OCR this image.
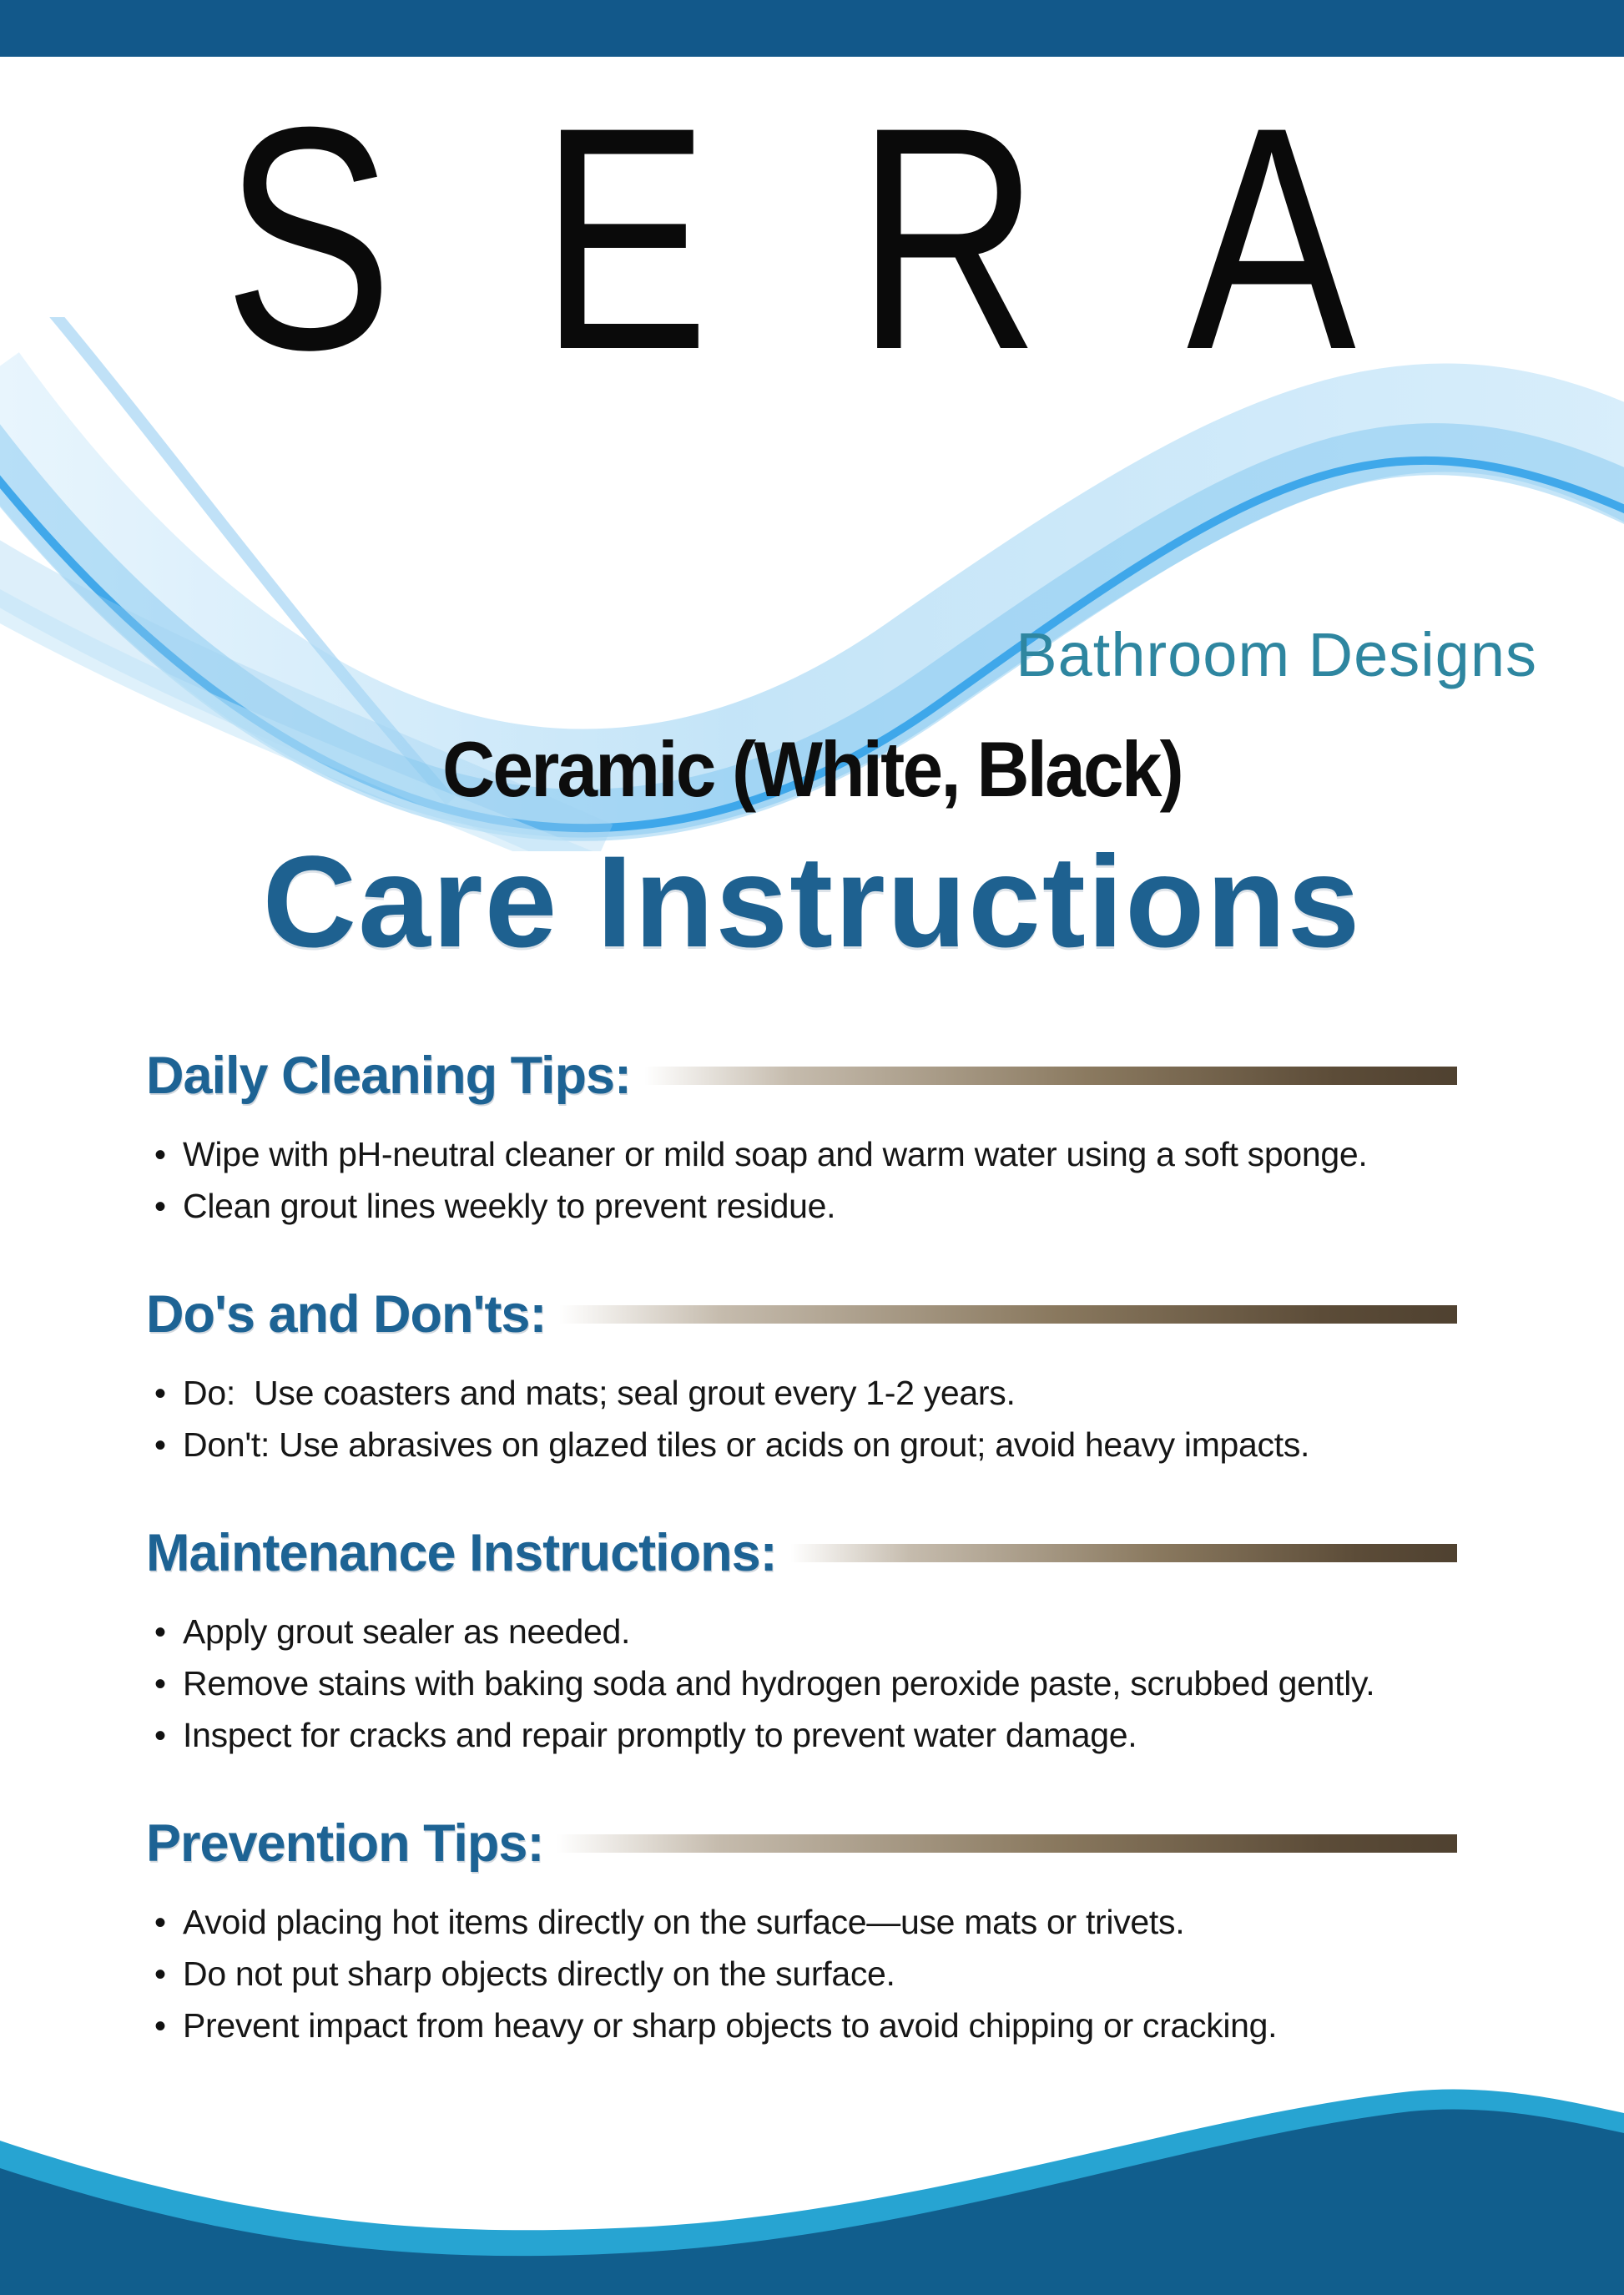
SERA
Bathroom Designs
Ceramic (White, Black)
Care Instructions
Daily Cleaning Tips:
•
Wipe with pH-neutral cleaner or mild soap and warm water using a soft sponge.
•
Clean grout lines weekly to prevent residue.
Do's and Don'ts:
•
Do:  Use coasters and mats; seal grout every 1-2 years.
•
Don't: Use abrasives on glazed tiles or acids on grout; avoid heavy impacts.
Maintenance Instructions:
•
Apply grout sealer as needed.
•
Remove stains with baking soda and hydrogen peroxide paste, scrubbed gently.
•
Inspect for cracks and repair promptly to prevent water damage.
Prevention Tips:
•
Avoid placing hot items directly on the surface—use mats or trivets.
•
Do not put sharp objects directly on the surface.
•
Prevent impact from heavy or sharp objects to avoid chipping or cracking.
